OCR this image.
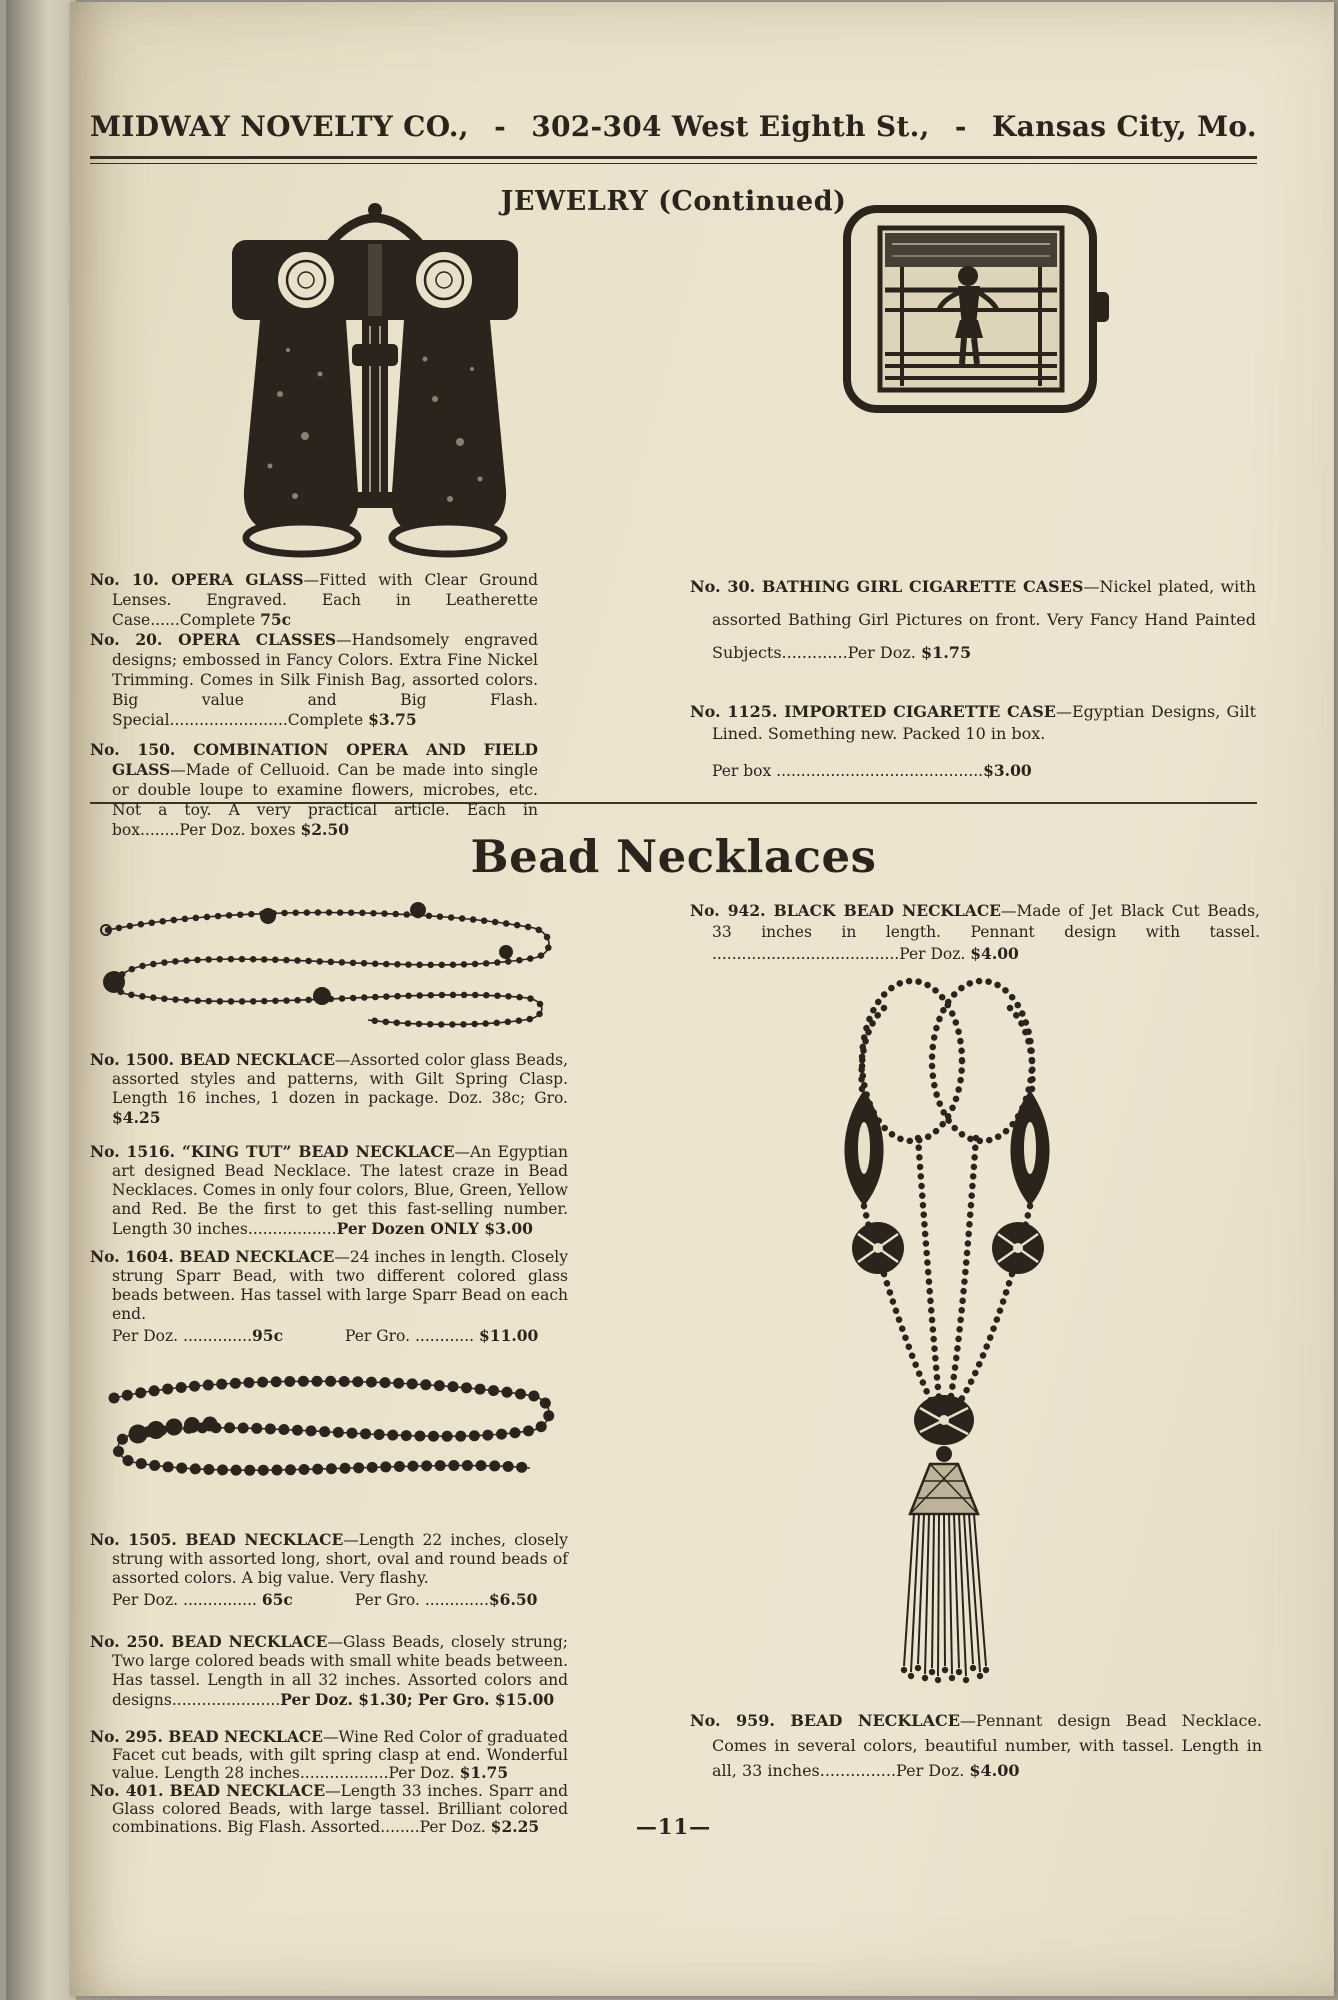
MIDWAY NOVELTY CO., - 302-304 West Eighth St., - Kansas City, Mo.
JEWELRY (Continued)

No. 10. OPERA GLASS—Fitted with Clear Ground Lenses. Engraved. Each in Leatherette Case......Complete 75c

No. 20. OPERA CLASSES—Handsomely engraved designs; embossed in Fancy Colors. Extra Fine Nickel Trimming. Comes in Silk Finish Bag, assorted colors. Big value and Big Flash. Special........................Complete $3.75

No. 150. COMBINATION OPERA AND FIELD GLASS—Made of Celluoid. Can be made into single or double loupe to examine flowers, microbes, etc. Not a toy. A very practical article. Each in box........Per Doz. boxes $2.50

No. 30. BATHING GIRL CIGARETTE CASES—Nickel plated, with assorted Bathing Girl Pictures on front. Very Fancy Hand Painted Subjects.............Per Doz. $1.75

No. 1125. IMPORTED CIGARETTE CASE—Egyptian Designs, Gilt Lined. Something new. Packed 10 in box.

Per box ..........................................$3.00

Bead Necklaces

No. 942. BLACK BEAD NECKLACE—Made of Jet Black Cut Beads, 33 inches in length. Pennant design with tassel. ......................................Per Doz. $4.00

No. 1500. BEAD NECKLACE—Assorted color glass Beads, assorted styles and patterns, with Gilt Spring Clasp. Length 16 inches, 1 dozen in package. Doz. 38c; Gro. $4.25

No. 1516. “KING TUT” BEAD NECKLACE—An Egyptian art designed Bead Necklace. The latest craze in Bead Necklaces. Comes in only four colors, Blue, Green, Yellow and Red. Be the first to get this fast-selling number. Length 30 inches..................Per Dozen ONLY $3.00

No. 1604. BEAD NECKLACE—24 inches in length. Closely strung Sparr Bead, with two different colored glass beads between. Has tassel with large Sparr Bead on each end.

Per Doz. ..............95c	Per Gro. ............ $11.00

No. 1505. BEAD NECKLACE—Length 22 inches, closely strung with assorted long, short, oval and round beads of assorted colors. A big value. Very flashy.

Per Doz. ............... 65c	Per Gro. .............$6.50

No. 250. BEAD NECKLACE—Glass Beads, closely strung; Two large colored beads with small white beads between. Has tassel. Length in all 32 inches. Assorted colors and designs......................Per Doz. $1.30; Per Gro. $15.00

No. 295. BEAD NECKLACE—Wine Red Color of graduated Facet cut beads, with gilt spring clasp at end. Wonderful value. Length 28 inches..................Per Doz. $1.75

No. 401. BEAD NECKLACE—Length 33 inches. Sparr and Glass colored Beads, with large tassel. Brilliant colored combinations. Big Flash. Assorted........Per Doz. $2.25

No. 959. BEAD NECKLACE—Pennant design Bead Necklace. Comes in several colors, beautiful number, with tassel. Length in all, 33 inches...............Per Doz. $4.00

—11—
